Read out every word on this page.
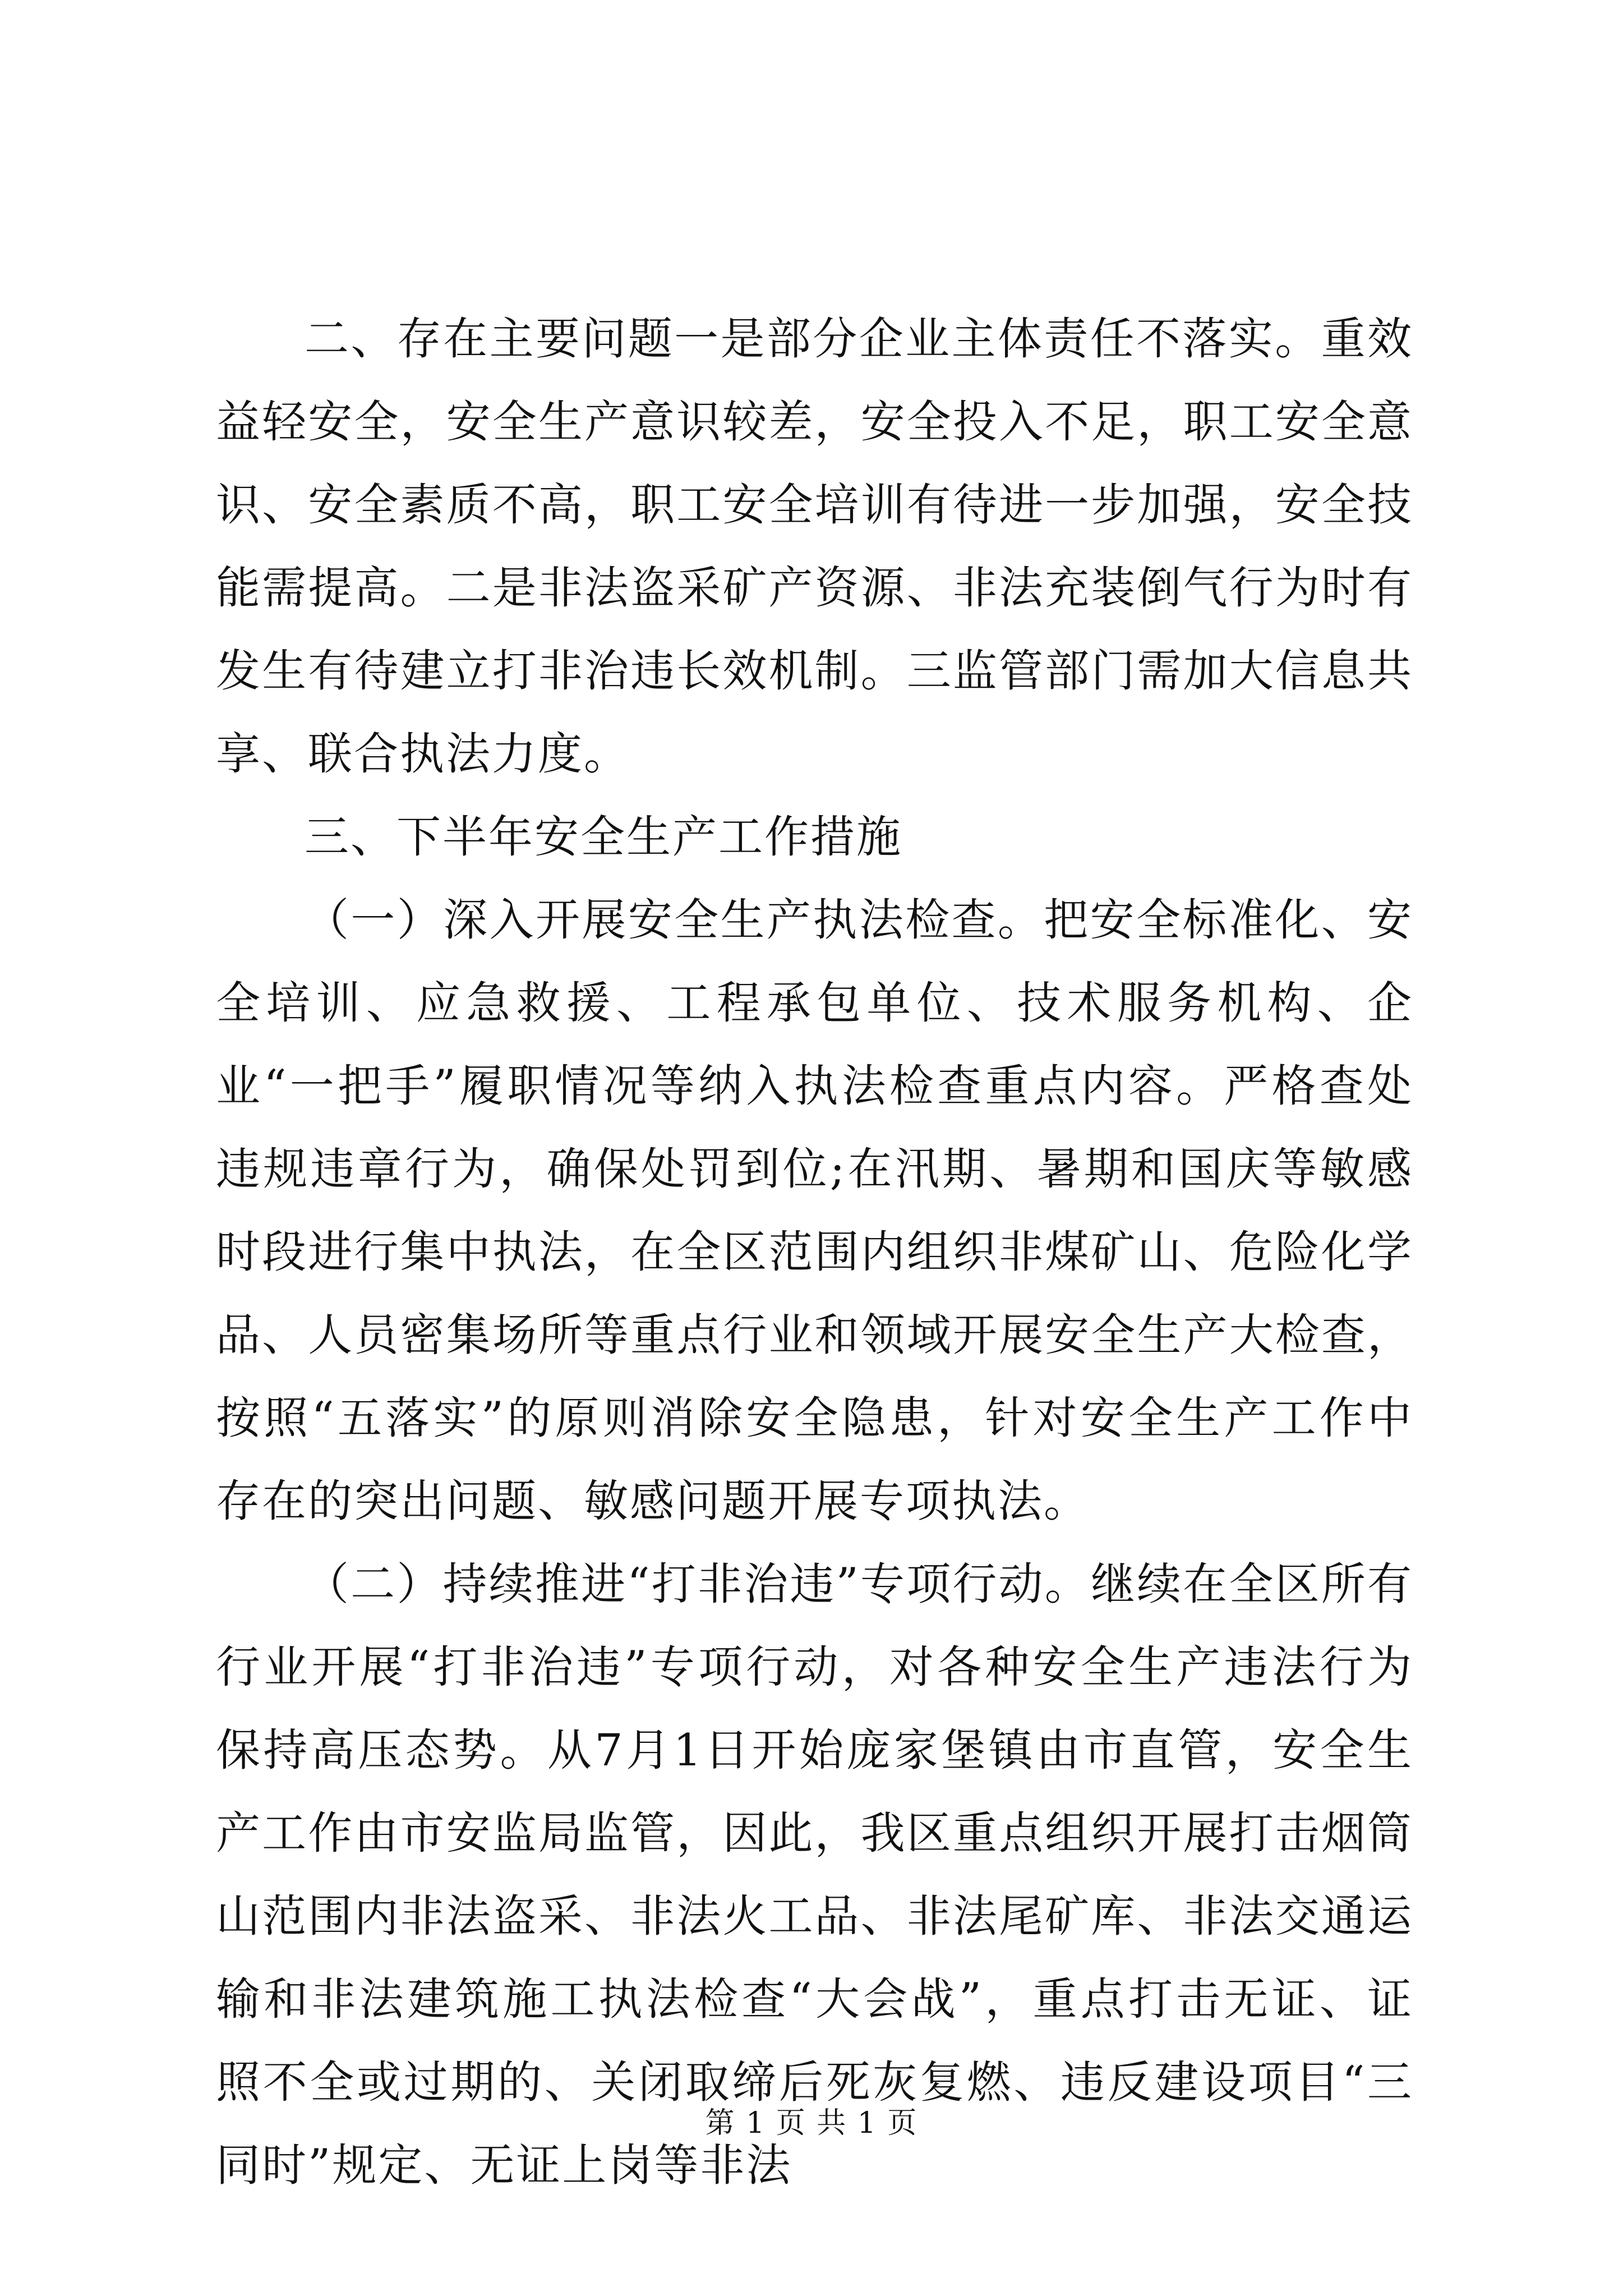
二、存在主要问题一是部分企业主体责任不落实。重效益轻安全，安全生产意识较差，安全投入不足，职工安全意识、安全素质不高，职工安全培训有待进一步加强，安全技能需提高。二是非法盗采矿产资源、非法充装倒气行为时有发生有待建立打非治违长效机制。三监管部门需加大信息共享、联合执法力度。

三、下半年安全生产工作措施

（一）深入开展安全生产执法检查。把安全标准化、安全培训、应急救援、工程承包单位、技术服务机构、企业“一把手”履职情况等纳入执法检查重点内容。严格查处违规违章行为，确保处罚到位;在汛期、暑期和国庆等敏感时段进行集中执法，在全区范围内组织非煤矿山、危险化学品、人员密集场所等重点行业和领域开展安全生产大检查，按照“五落实”的原则消除安全隐患，针对安全生产工作中存在的突出问题、敏感问题开展专项执法。

（二）持续推进“打非治违”专项行动。继续在全区所有行业开展“打非治违”专项行动，对各种安全生产违法行为保持高压态势。从7月1日开始庞家堡镇由市直管，安全生产工作由市安监局监管，因此，我区重点组织开展打击烟筒山范围内非法盗采、非法火工品、非法尾矿库、非法交通运输和非法建筑施工执法检查“大会战”，重点打击无证、证照不全或过期的、关闭取缔后死灰复燃、违反建设项目“三同时”规定、无证上岗等非法

第 1 页 共 1 页
